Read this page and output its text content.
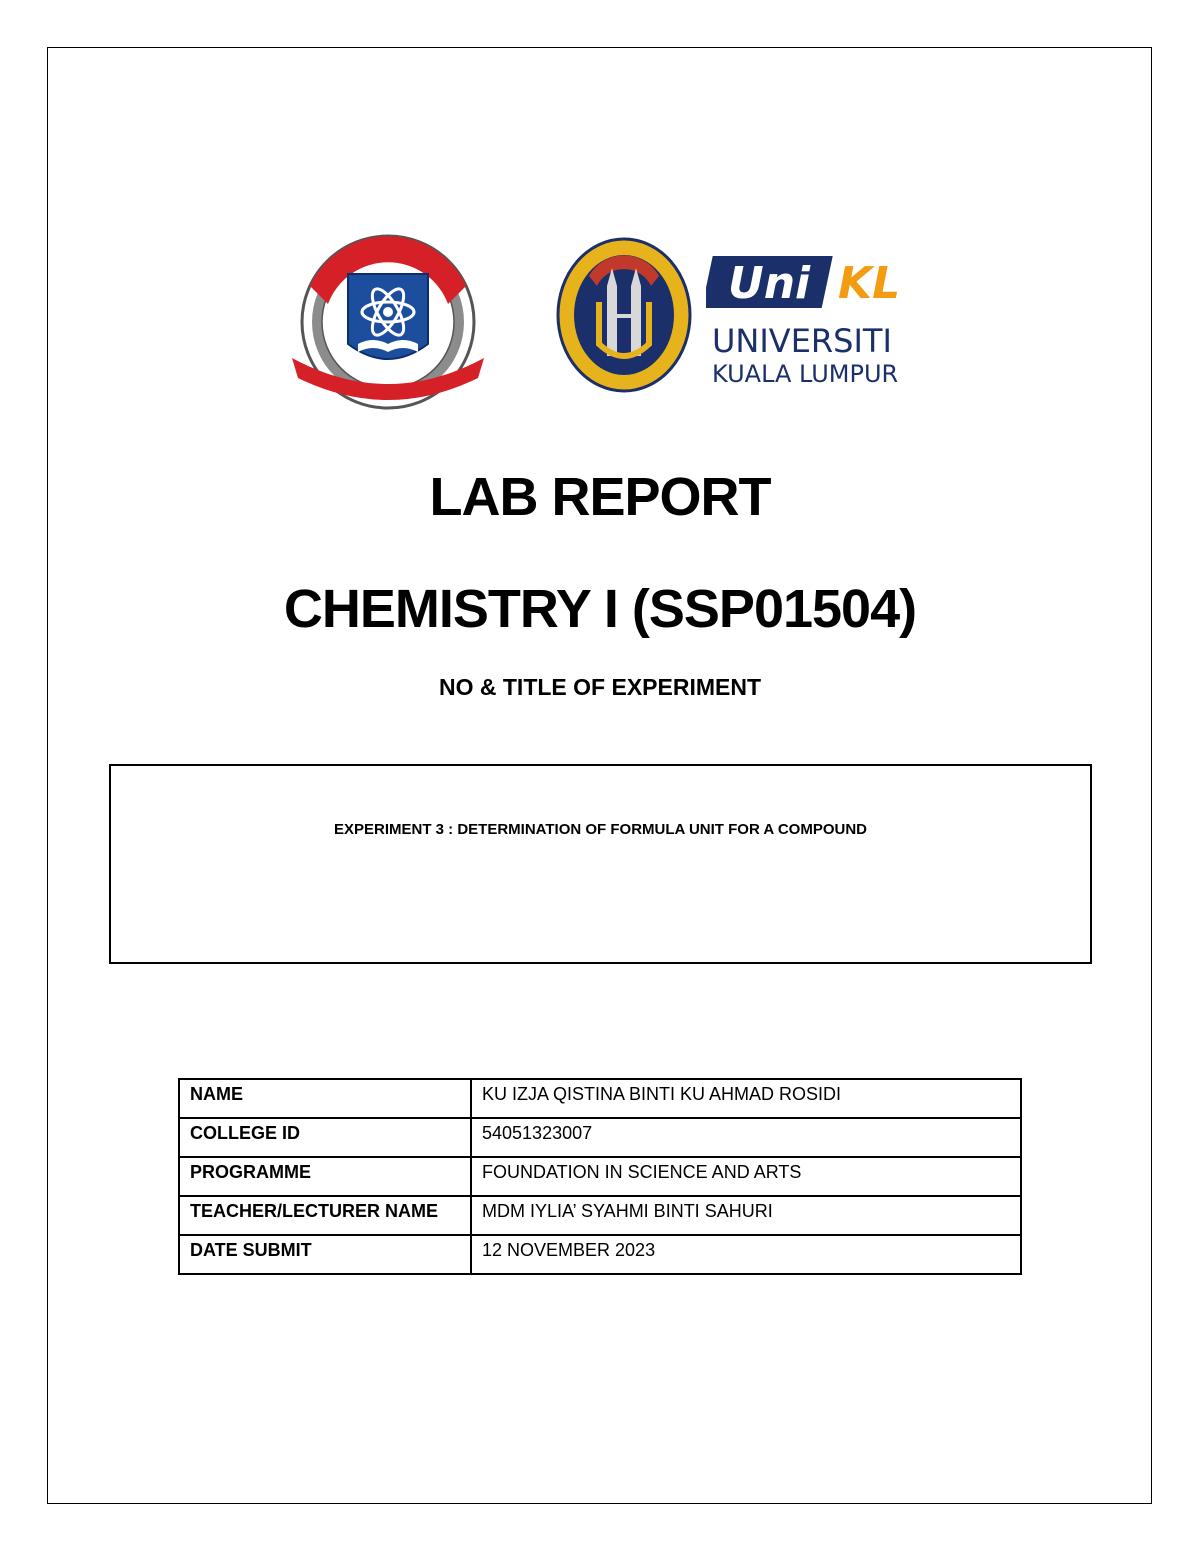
Uni KL
UNIVERSITI
KUALA LUMPUR
LAB REPORT
CHEMISTRY I (SSP01504)
NO & TITLE OF EXPERIMENT
EXPERIMENT 3 : DETERMINATION OF FORMULA UNIT FOR A COMPOUND
NAME	KU IZJA QISTINA BINTI KU AHMAD ROSIDI
COLLEGE ID	54051323007
PROGRAMME	FOUNDATION IN SCIENCE AND ARTS
TEACHER/LECTURER NAME	MDM IYLIA’ SYAHMI BINTI SAHURI
DATE SUBMIT	12 NOVEMBER 2023
